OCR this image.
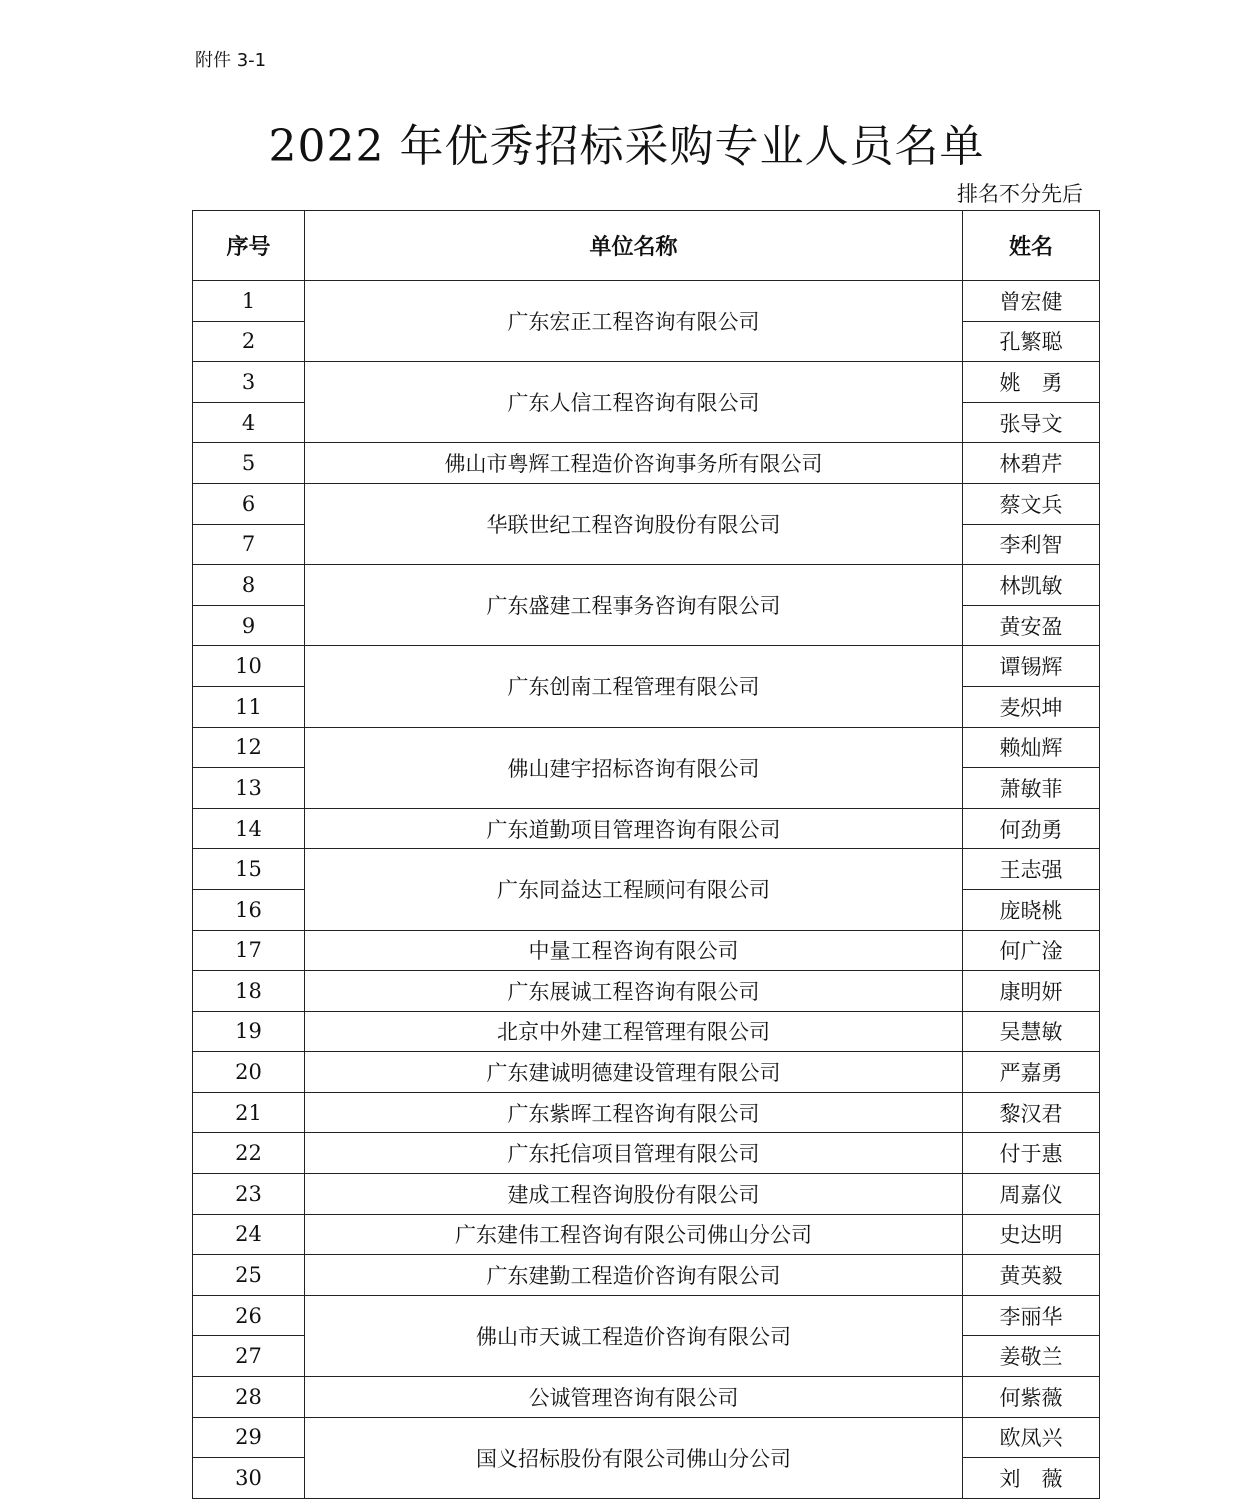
附件 3-1
2022 年优秀招标采购专业人员名单
排名不分先后
序号	单位名称	姓名
1	广东宏正工程咨询有限公司	曾宏健
2		孔繁聪
3	广东人信工程咨询有限公司	姚　勇
4		张导文
5	佛山市粤辉工程造价咨询事务所有限公司	林碧芹
6	华联世纪工程咨询股份有限公司	蔡文兵
7		李利智
8	广东盛建工程事务咨询有限公司	林凯敏
9		黄安盈
10	广东创南工程管理有限公司	谭锡辉
11		麦炽坤
12	佛山建宇招标咨询有限公司	赖灿辉
13		萧敏菲
14	广东道勤项目管理咨询有限公司	何劲勇
15	广东同益达工程顾问有限公司	王志强
16		庞晓桃
17	中量工程咨询有限公司	何广淦
18	广东展诚工程咨询有限公司	康明妍
19	北京中外建工程管理有限公司	吴慧敏
20	广东建诚明德建设管理有限公司	严嘉勇
21	广东紫晖工程咨询有限公司	黎汉君
22	广东托信项目管理有限公司	付于惠
23	建成工程咨询股份有限公司	周嘉仪
24	广东建伟工程咨询有限公司佛山分公司	史达明
25	广东建勤工程造价咨询有限公司	黄英毅
26	佛山市天诚工程造价咨询有限公司	李丽华
27		姜敬兰
28	公诚管理咨询有限公司	何紫薇
29	国义招标股份有限公司佛山分公司	欧凤兴
30		刘　薇
